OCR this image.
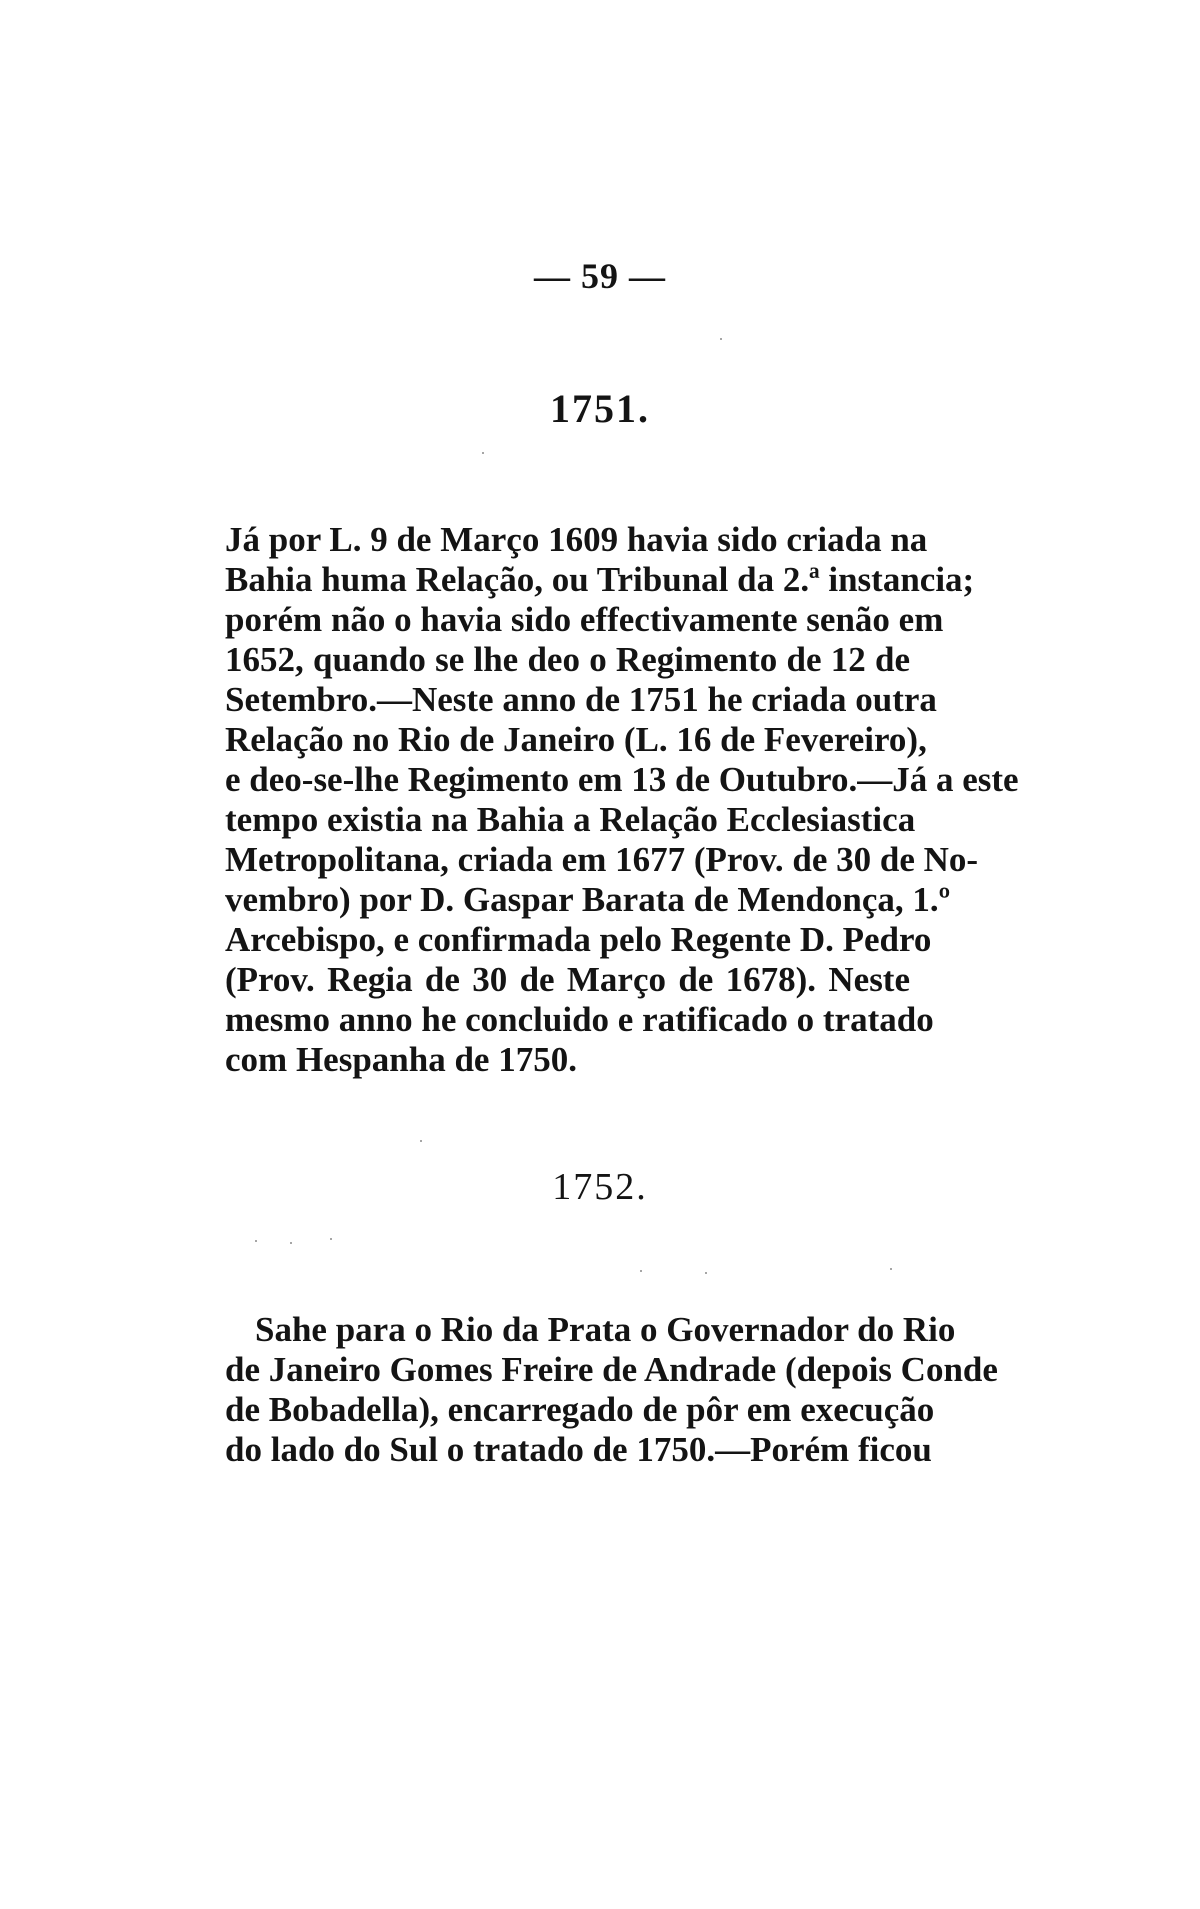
— 59 —
1751.
Já por L. 9 de Março 1609 havia sido criada na
Bahia huma Relação, ou Tribunal da 2.ª instancia;
porém não o havia sido effectivamente senão em
1652, quando se lhe deo o Regimento de 12 de
Setembro.—Neste anno de 1751 he criada outra
Relação no Rio de Janeiro (L. 16 de Fevereiro),
e deo-se-lhe Regimento em 13 de Outubro.—Já a este
tempo existia na Bahia a Relação Ecclesiastica
Metropolitana, criada em 1677 (Prov. de 30 de No-
vembro) por D. Gaspar Barata de Mendonça, 1.º
Arcebispo, e confirmada pelo Regente D. Pedro
(Prov. Regia de 30 de Março de 1678). Neste
mesmo anno he concluido e ratificado o tratado
com Hespanha de 1750.
1752.
Sahe para o Rio da Prata o Governador do Rio
de Janeiro Gomes Freire de Andrade (depois Conde
de Bobadella), encarregado de pôr em execução
do lado do Sul o tratado de 1750.—Porém ficou
